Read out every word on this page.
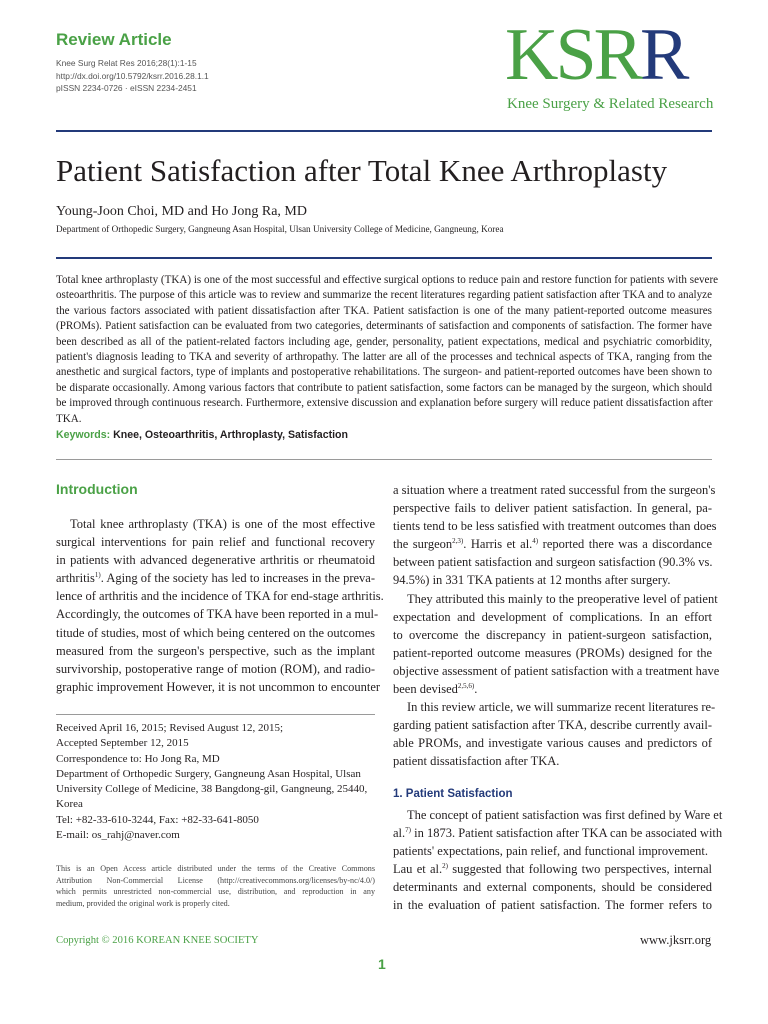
Review Article
Knee Surg Relat Res 2016;28(1):1-15
http://dx.doi.org/10.5792/ksrr.2016.28.1.1
pISSN 2234-0726 · eISSN 2234-2451	KSRR
Knee Surgery & Related Research
Patient Satisfaction after Total Knee Arthroplasty
Young-Joon Choi, MD and Ho Jong Ra, MD
Department of Orthopedic Surgery, Gangneung Asan Hospital, Ulsan University College of Medicine, Gangneung, Korea
Total knee arthroplasty (TKA) is one of the most successful and effective surgical options to reduce pain and restore function for patients with severe
osteoarthritis. The purpose of this article was to review and summarize the recent literatures regarding patient satisfaction after TKA and to analyze
the various factors associated with patient dissatisfaction after TKA. Patient satisfaction is one of the many patient-reported outcome measures
(PROMs). Patient satisfaction can be evaluated from two categories, determinants of satisfaction and components of satisfaction. The former have
been described as all of the patient-related factors including age, gender, personality, patient expectations, medical and psychiatric comorbidity,
patient's diagnosis leading to TKA and severity of arthropathy. The latter are all of the processes and technical aspects of TKA, ranging from the
anesthetic and surgical factors, type of implants and postoperative rehabilitations. The surgeon- and patient-reported outcomes have been shown to
be disparate occasionally. Among various factors that contribute to patient satisfaction, some factors can be managed by the surgeon, which should
be improved through continuous research. Furthermore, extensive discussion and explanation before surgery will reduce patient dissatisfaction after
TKA.
Keywords: Knee, Osteoarthritis, Arthroplasty, Satisfaction
Introduction
Total knee arthroplasty (TKA) is one of the most effective
surgical interventions for pain relief and functional recovery
in patients with advanced degenerative arthritis or rheumatoid
arthritis$^{1)}$. Aging of the society has led to increases in the preva-
lence of arthritis and the incidence of TKA for end-stage arthritis.
Accordingly, the outcomes of TKA have been reported in a mul-
titude of studies, most of which being centered on the outcomes
measured from the surgeon's perspective, such as the implant
survivorship, postoperative range of motion (ROM), and radio-
graphic improvement However, it is not uncommon to encounter
Received April 16, 2015; Revised August 12, 2015;
Accepted September 12, 2015
Correspondence to: Ho Jong Ra, MD
Department of Orthopedic Surgery, Gangneung Asan Hospital, Ulsan
University College of Medicine, 38 Bangdong-gil, Gangneung, 25440,
Korea
Tel: +82-33-610-3244, Fax: +82-33-641-8050
E-mail: os_rahj@naver.com
This is an Open Access article distributed under the terms of the Creative Commons
Attribution Non-Commercial License (http://creativecommons.org/licenses/by-nc/4.0/)
which permits unrestricted non-commercial use, distribution, and reproduction in any
medium, provided the original work is properly cited.
a situation where a treatment rated successful from the surgeon's
perspective fails to deliver patient satisfaction. In general, pa-
tients tend to be less satisfied with treatment outcomes than does
the surgeon$^{2,3)}$. Harris et al.$^{4)}$ reported there was a discordance
between patient satisfaction and surgeon satisfaction (90.3% vs.
94.5%) in 331 TKA patients at 12 months after surgery.
They attributed this mainly to the preoperative level of patient
expectation and development of complications. In an effort
to overcome the discrepancy in patient-surgeon satisfaction,
patient-reported outcome measures (PROMs) designed for the
objective assessment of patient satisfaction with a treatment have
been devised$^{2,5,6)}$.
In this review article, we will summarize recent literatures re-
garding patient satisfaction after TKA, describe currently avail-
able PROMs, and investigate various causes and predictors of
patient dissatisfaction after TKA.
1. Patient Satisfaction
The concept of patient satisfaction was first defined by Ware et
al.$^{7)}$ in 1873. Patient satisfaction after TKA can be associated with
patients' expectations, pain relief, and functional improvement.
Lau et al.$^{2)}$ suggested that following two perspectives, internal
determinants and external components, should be considered
in the evaluation of patient satisfaction. The former refers to
Copyright © 2016 KOREAN KNEE SOCIETY	www.jksrr.org
1
